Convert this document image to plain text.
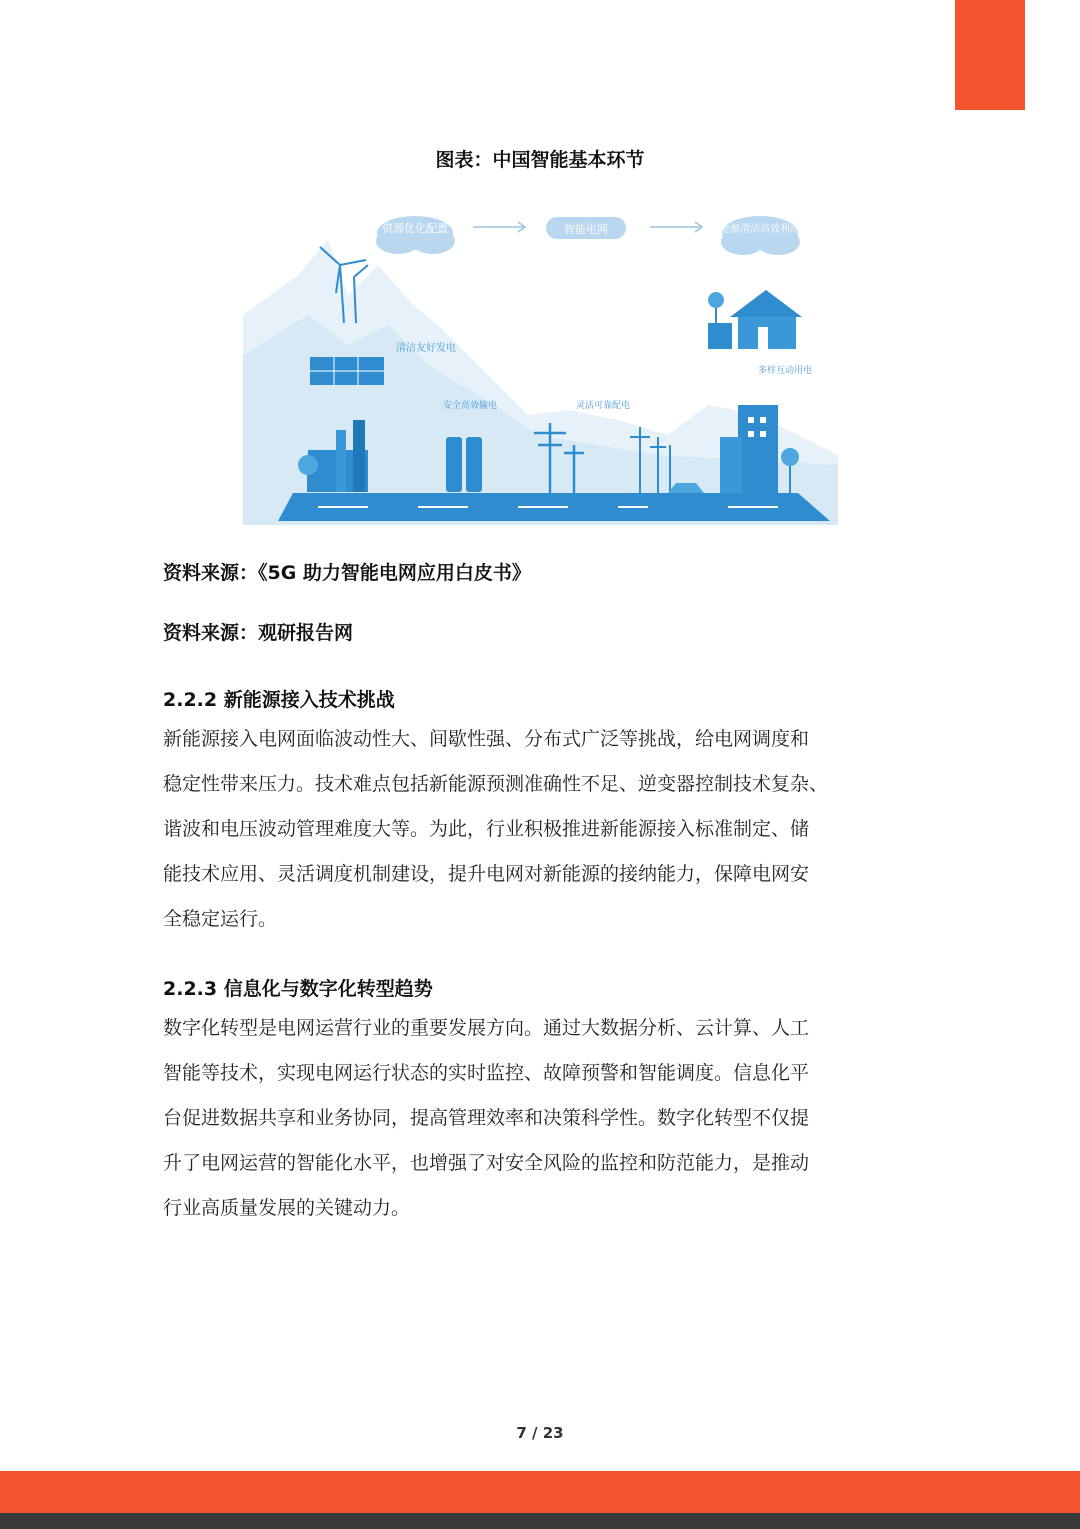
图表：中国智能基本环节
资源优化配置	智能电网	能源清洁高效利用
清洁友好发电
安全高效输电	灵活可靠配电
多样互动用电
资料来源：《5G 助力智能电网应用白皮书》
资料来源：观研报告网
2.2.2 新能源接入技术挑战
新能源接入电网面临波动性大、间歇性强、分布式广泛等挑战，给电网调度和
稳定性带来压力。技术难点包括新能源预测准确性不足、逆变器控制技术复杂、
谐波和电压波动管理难度大等。为此，行业积极推进新能源接入标准制定、储
能技术应用、灵活调度机制建设，提升电网对新能源的接纳能力，保障电网安
全稳定运行。
2.2.3 信息化与数字化转型趋势
数字化转型是电网运营行业的重要发展方向。通过大数据分析、云计算、人工
智能等技术，实现电网运行状态的实时监控、故障预警和智能调度。信息化平
台促进数据共享和业务协同，提高管理效率和决策科学性。数字化转型不仅提
升了电网运营的智能化水平，也增强了对安全风险的监控和防范能力，是推动
行业高质量发展的关键动力。
7 / 23
